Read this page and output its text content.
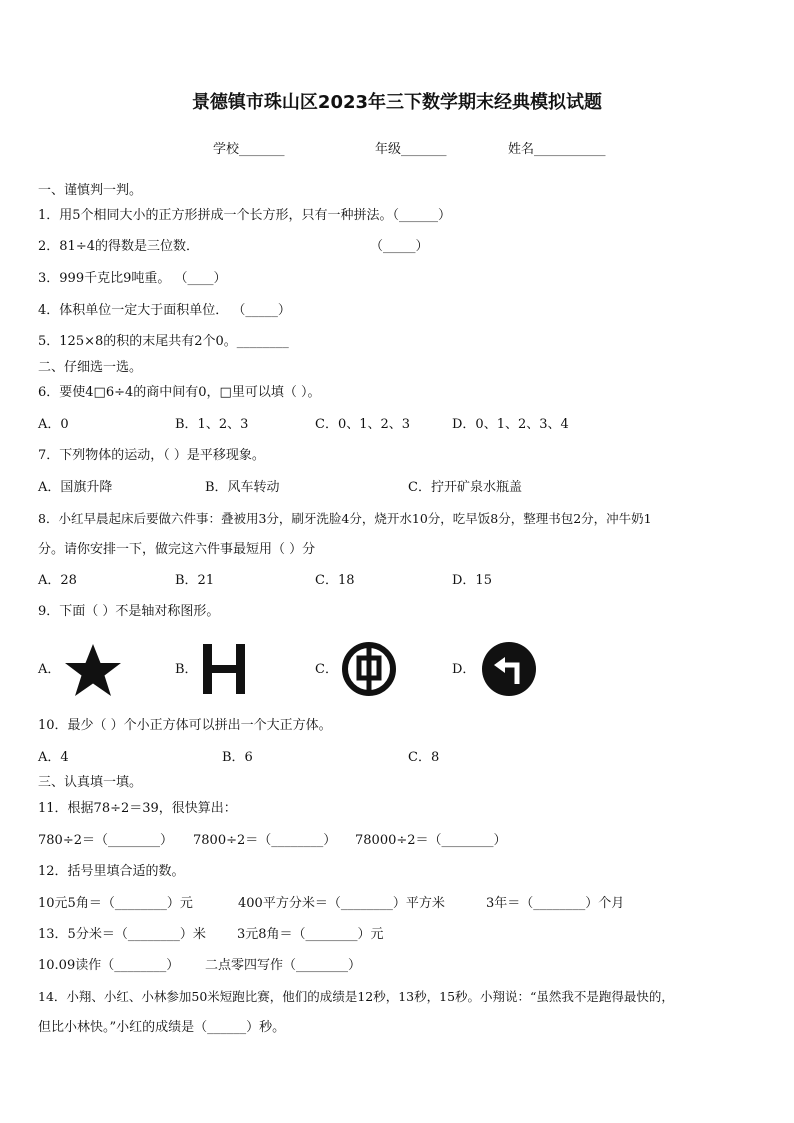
景德镇市珠山区2023年三下数学期末经典模拟试题
学校_______	年级_______	姓名___________
一、谨慎判一判。
1．用5个相同大小的正方形拼成一个长方形，只有一种拼法。（______）
2．81÷4的得数是三位数．	（_____）
3．999千克比9吨重。 （____）
4．体积单位一定大于面积单位． （_____）
5．125×8的积的末尾共有2个0。________
二、仔细选一选。
6．要使4□6÷4的商中间有0，□里可以填（ ）。
A．0	B．1、2、3	C．0、1、2、3	D．0、1、2、3、4
7．下列物体的运动，（ ）是平移现象。
A．国旗升降	B．风车转动	C．拧开矿泉水瓶盖
8．小红早晨起床后要做六件事：叠被用3分，刷牙洗脸4分，烧开水10分，吃早饭8分，整理书包2分，冲牛奶1
分。请你安排一下，做完这六件事最短用（ ）分
A．28	B．21	C．18	D．15
9．下面（ ）不是轴对称图形。
A．	B．	C．	D．
10．最少（ ）个小正方体可以拼出一个大正方体。
A．4	B．6	C．8
三、认真填一填。
11．根据78÷2＝39，很快算出：
780÷2＝（________） 7800÷2＝（________） 78000÷2＝（________）
12．括号里填合适的数。
10元5角＝（________）元	400平方分米＝（________）平方米	3年＝（________）个月
13．5分米＝（________）米 3元8角＝（________）元
10.09读作（________） 二点零四写作（________）
14．小翔、小红、小林参加50米短跑比赛，他们的成绩是12秒，13秒，15秒。小翔说：“虽然我不是跑得最快的，
但比小林快。”小红的成绩是（______）秒。
